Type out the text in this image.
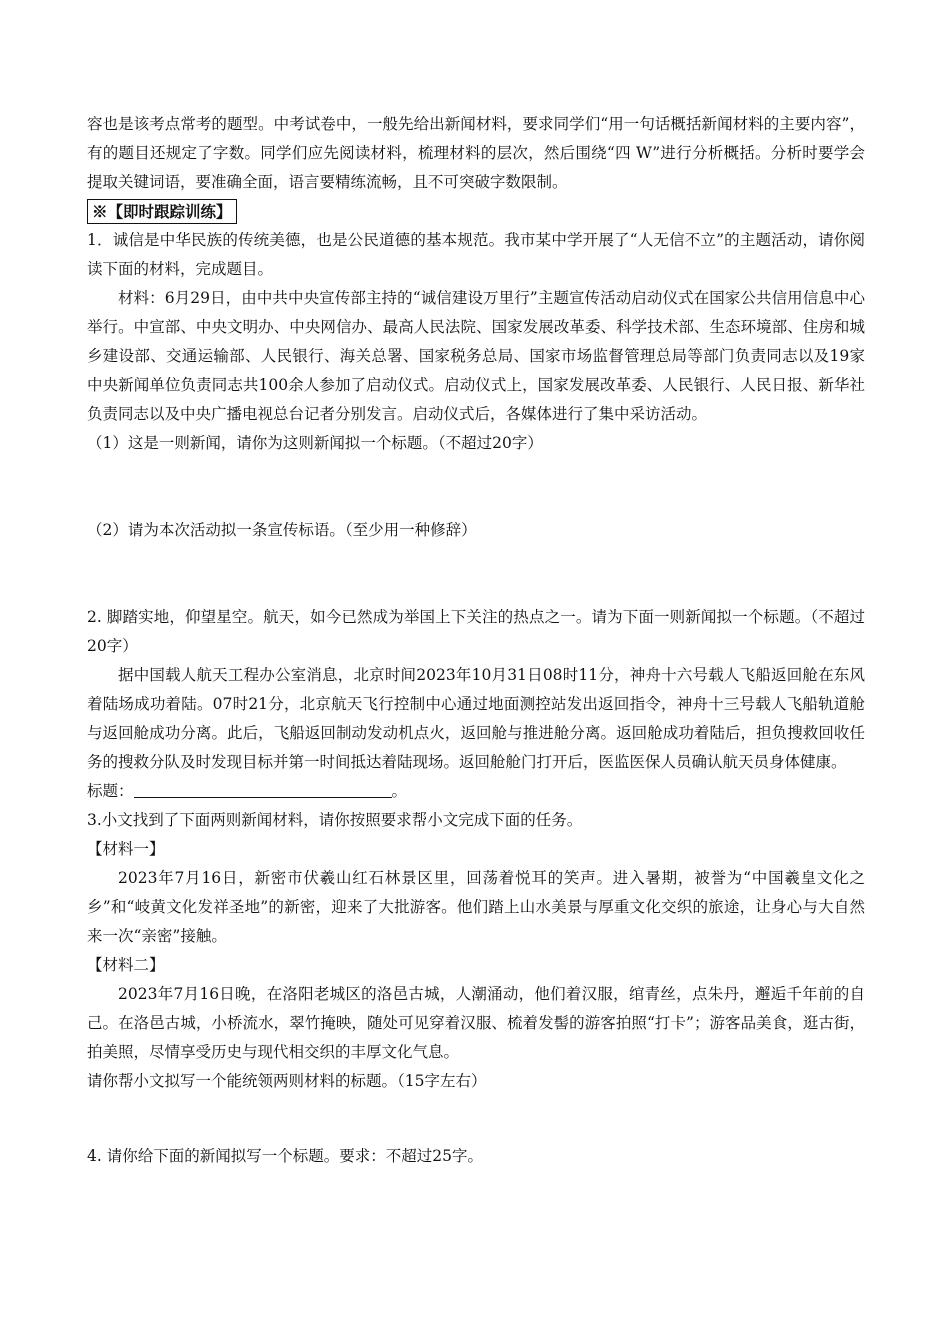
容也是该考点常考的题型。中考试卷中，一般先给出新闻材料，要求同学们“用一句话概括新闻材料的主要内容”，有的题目还规定了字数。同学们应先阅读材料，梳理材料的层次，然后围绕“四 W”进行分析概括。分析时要学会提取关键词语，要准确全面，语言要精练流畅，且不可突破字数限制。
※【即时跟踪训练】
1．诚信是中华民族的传统美德，也是公民道德的基本规范。我市某中学开展了“人无信不立”的主题活动，请你阅读下面的材料，完成题目。
材料：6月29日，由中共中央宣传部主持的“诚信建设万里行”主题宣传活动启动仪式在国家公共信用信息中心举行。中宣部、中央文明办、中央网信办、最高人民法院、国家发展改革委、科学技术部、生态环境部、住房和城乡建设部、交通运输部、人民银行、海关总署、国家税务总局、国家市场监督管理总局等部门负责同志以及19家中央新闻单位负责同志共100余人参加了启动仪式。启动仪式上，国家发展改革委、人民银行、人民日报、新华社负责同志以及中央广播电视总台记者分别发言。启动仪式后，各媒体进行了集中采访活动。
（1）这是一则新闻，请你为这则新闻拟一个标题。（不超过20字）
（2）请为本次活动拟一条宣传标语。（至少用一种修辞）
2. 脚踏实地，仰望星空。航天，如今已然成为举国上下关注的热点之一。请为下面一则新闻拟一个标题。（不超过20字）
据中国载人航天工程办公室消息，北京时间2023年10月31日08时11分，神舟十六号载人飞船返回舱在东风着陆场成功着陆。07时21分，北京航天飞行控制中心通过地面测控站发出返回指令，神舟十三号载人飞船轨道舱与返回舱成功分离。此后，飞船返回制动发动机点火，返回舱与推进舱分离。返回舱成功着陆后，担负搜救回收任务的搜救分队及时发现目标并第一时间抵达着陆现场。返回舱舱门打开后，医监医保人员确认航天员身体健康。
标题：	。
3.小文找到了下面两则新闻材料，请你按照要求帮小文完成下面的任务。
【材料一】
2023年7月16日，新密市伏羲山红石林景区里，回荡着悦耳的笑声。进入暑期，被誉为“中国羲皇文化之乡”和“岐黄文化发祥圣地”的新密，迎来了大批游客。他们踏上山水美景与厚重文化交织的旅途，让身心与大自然来一次“亲密”接触。
【材料二】
2023年7月16日晚，在洛阳老城区的洛邑古城，人潮涌动，他们着汉服，绾青丝，点朱丹，邂逅千年前的自己。在洛邑古城，小桥流水，翠竹掩映，随处可见穿着汉服、梳着发髻的游客拍照“打卡”；游客品美食，逛古街，拍美照，尽情享受历史与现代相交织的丰厚文化气息。
请你帮小文拟写一个能统领两则材料的标题。（15字左右）
4. 请你给下面的新闻拟写一个标题。要求：不超过25字。
